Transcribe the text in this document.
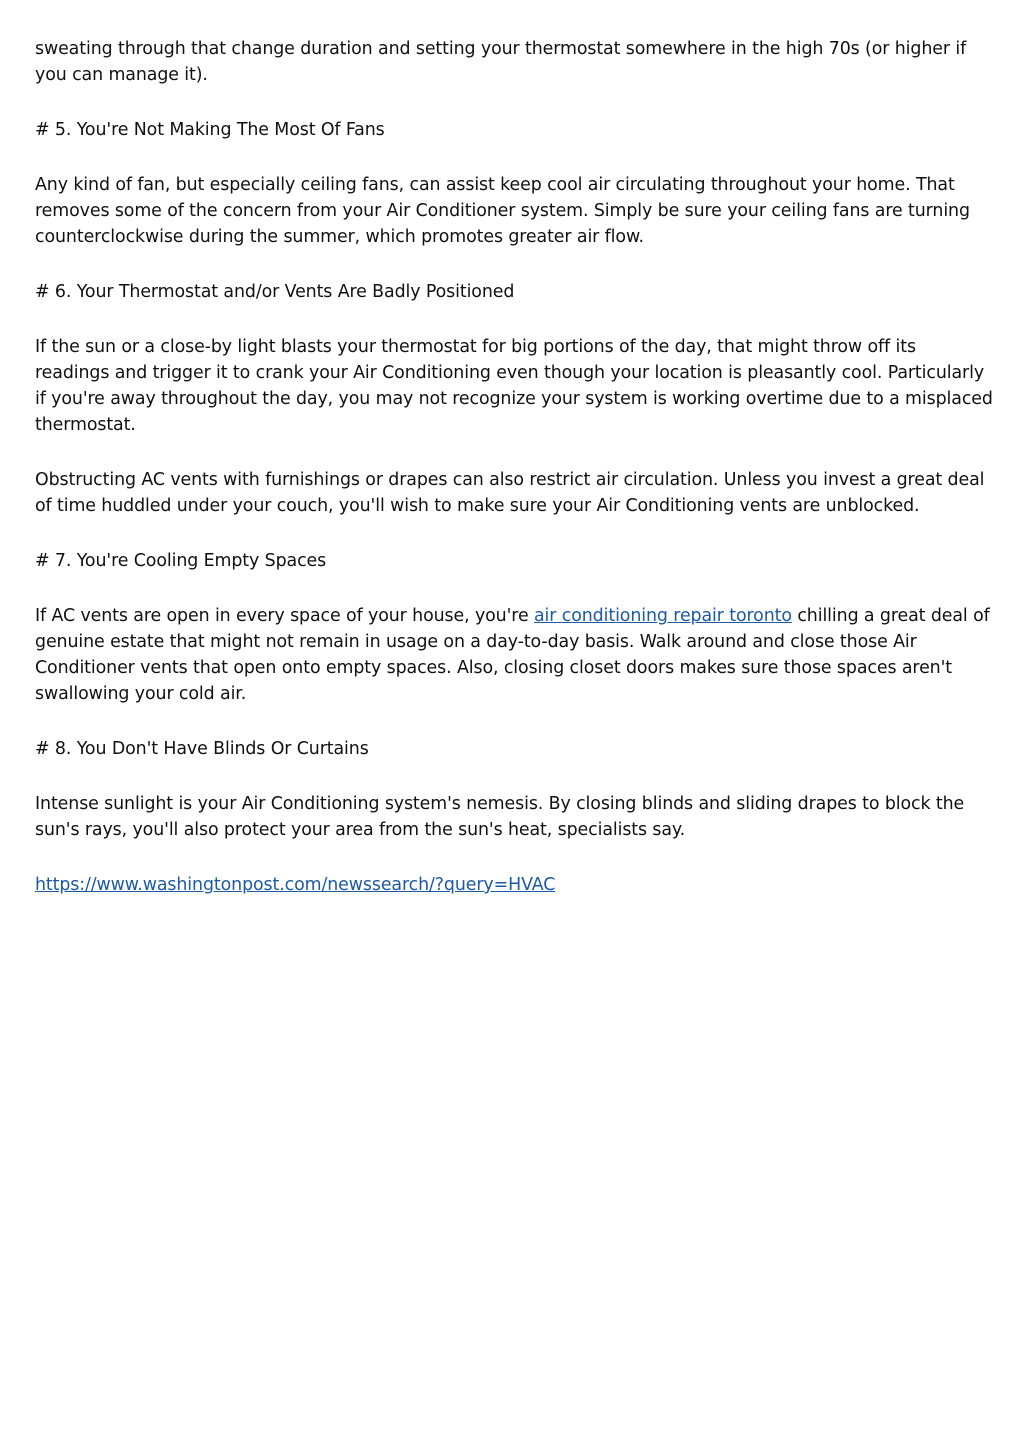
sweating through that change duration and setting your thermostat somewhere in the high 70s (or higher if you can manage it).

# 5. You're Not Making The Most Of Fans

Any kind of fan, but especially ceiling fans, can assist keep cool air circulating throughout your home. That removes some of the concern from your Air Conditioner system. Simply be sure your ceiling fans are turning counterclockwise during the summer, which promotes greater air flow.

# 6. Your Thermostat and/or Vents Are Badly Positioned

If the sun or a close-by light blasts your thermostat for big portions of the day, that might throw off its readings and trigger it to crank your Air Conditioning even though your location is pleasantly cool. Particularly if you're away throughout the day, you may not recognize your system is working overtime due to a misplaced thermostat.

Obstructing AC vents with furnishings or drapes can also restrict air circulation. Unless you invest a great deal of time huddled under your couch, you'll wish to make sure your Air Conditioning vents are unblocked.

# 7. You're Cooling Empty Spaces

If AC vents are open in every space of your house, you're air conditioning repair toronto chilling a great deal of genuine estate that might not remain in usage on a day-to-day basis. Walk around and close those Air Conditioner vents that open onto empty spaces. Also, closing closet doors makes sure those spaces aren't swallowing your cold air.

# 8. You Don't Have Blinds Or Curtains

Intense sunlight is your Air Conditioning system's nemesis. By closing blinds and sliding drapes to block the sun's rays, you'll also protect your area from the sun's heat, specialists say.

https://www.washingtonpost.com/newssearch/?query=HVAC
